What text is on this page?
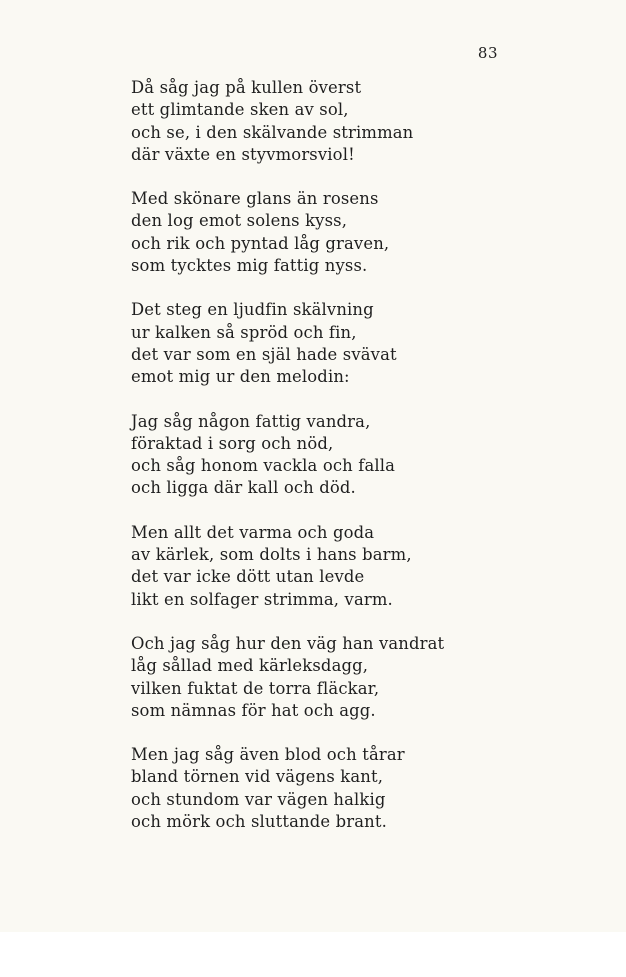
83
Då såg jag på kullen överst
ett glimtande sken av sol,
och se, i den skälvande strimman
där växte en styvmorsviol!
Med skönare glans än rosens
den log emot solens kyss,
och rik och pyntad låg graven,
som tycktes mig fattig nyss.
Det steg en ljudfin skälvning
ur kalken så spröd och fin,
det var som en själ hade svävat
emot mig ur den melodin:
Jag såg någon fattig vandra,
föraktad i sorg och nöd,
och såg honom vackla och falla
och ligga där kall och död.
Men allt det varma och goda
av kärlek, som dolts i hans barm,
det var icke dött utan levde
likt en solfager strimma, varm.
Och jag såg hur den väg han vandrat
låg sållad med kärleksdagg,
vilken fuktat de torra fläckar,
som nämnas för hat och agg.
Men jag såg även blod och tårar
bland törnen vid vägens kant,
och stundom var vägen halkig
och mörk och sluttande brant.
